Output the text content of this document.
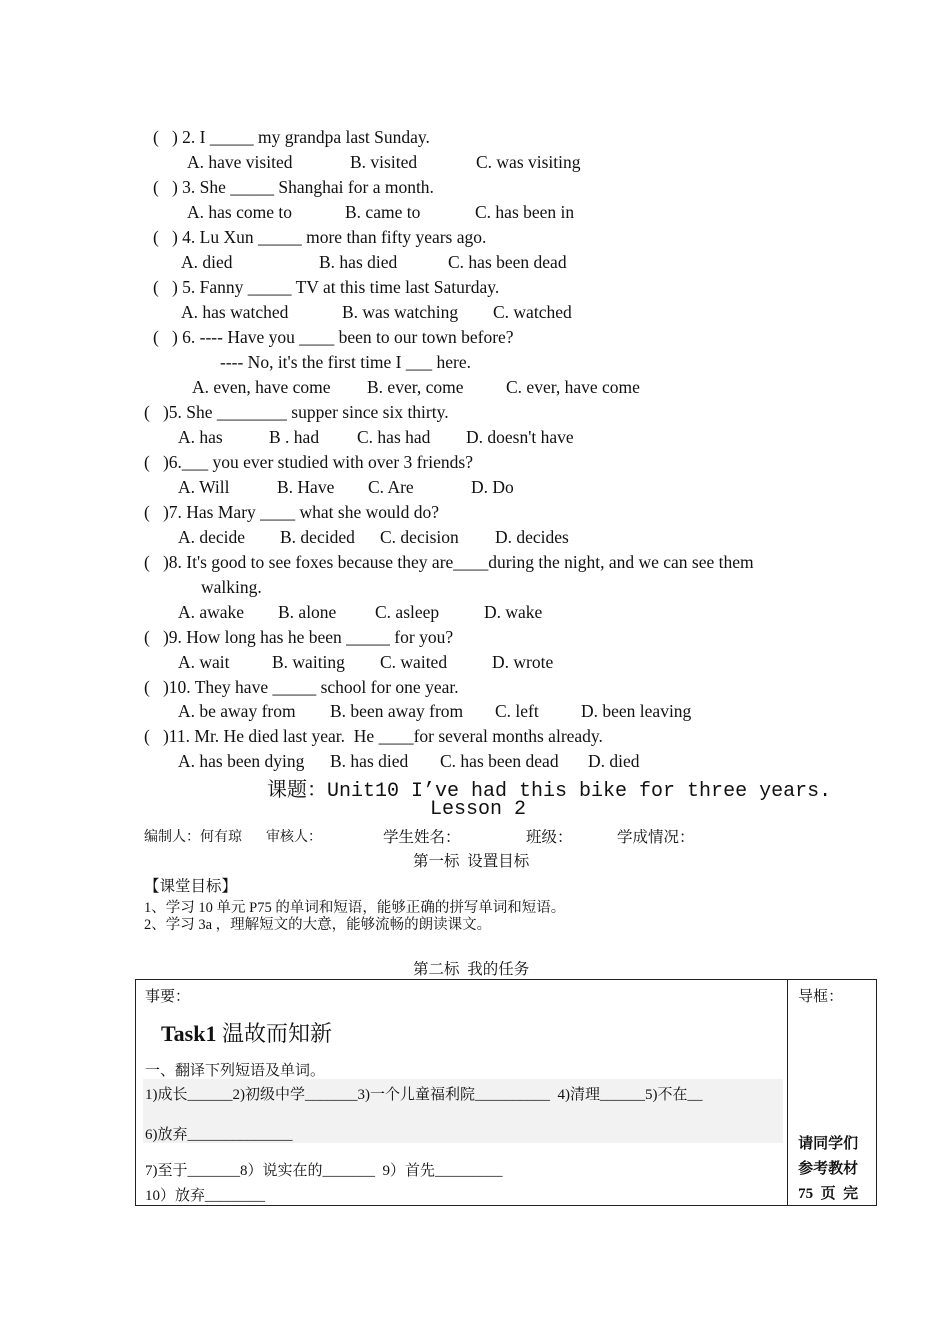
(   ) 2. I _____ my grandpa last Sunday.
A. have visited	B. visited	C. was visiting
(   ) 3. She _____ Shanghai for a month.
A. has come to	B. came to	C. has been in
(   ) 4. Lu Xun _____ more than fifty years ago.
A. died	B. has died	C. has been dead
(   ) 5. Fanny _____ TV at this time last Saturday.
A. has watched	B. was watching C. watched
(   ) 6. ---- Have you ____ been to our town before?
---- No, it's the first time I ___ here.
A. even, have come B. ever, come C. ever, have come
(   )5. She ________ supper since six thirty.
A. has	B . had C. has had D. doesn't have
(   )6.___ you ever studied with over 3 friends?
A. Will	B. Have C. Are	D. Do
(   )7. Has Mary ____ what she would do?
A. decide B. decided C. decision D. decides
(   )8. It's good to see foxes because they are____during the night, and we can see them
walking.
A. awake B. alone C. asleep	D. wake
(   )9. How long has he been _____ for you?
A. wait B. waiting C. waited	D. wrote
(   )10. They have _____ school for one year.
A. be away from B. been away from C. left D. been leaving
(   )11. Mr. He died last year.  He ____for several months already.
A. has been dying B. has died C. has been dead D. died
课题：Unit10 I’ve had this bike for three years.
Lesson 2
编制人：何有琼 审核人：	学生姓名：	班级：	学成情况：
第一标  设置目标
【课堂目标】
1、学习 10 单元 P75 的单词和短语，能够正确的拼写单词和短语。
2、学习 3a ，理解短文的大意，能够流畅的朗读课文。
第二标  我的任务
事要：
Task1 温故而知新
一、翻译下列短语及单词。
1)成长______2)初级中学_______3)一个儿童福利院__________  4)清理______5)不在__
6)放弃______________
7)至于_______8）说实在的_______  9）首先_________
10）放弃________

导框：
请同学们
参考教材
75  页  完
